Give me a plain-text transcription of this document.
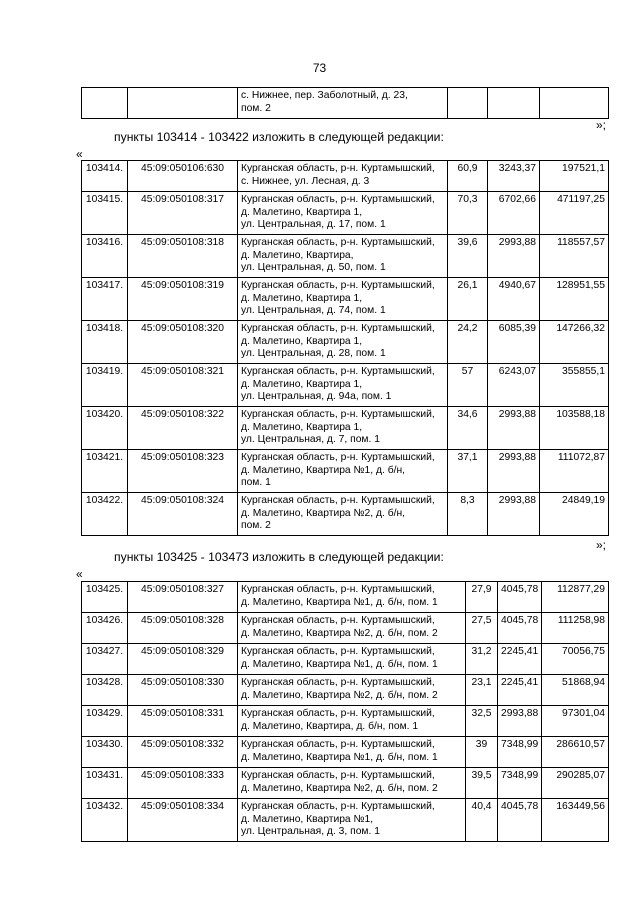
73

с. Нижнее, пер. Заболотный, д. 23,
пом. 2

»;
пункты 103414 - 103422 изложить в следующей редакции:
«
103414.	45:09:050106:630	Курганская область, р-н. Куртамышский,
с. Нижнее, ул. Лесная, д. 3	60,9	3243,37	197521,1
103415.	45:09:050108:317	Курганская область, р-н. Куртамышский,
д. Малетино, Квартира 1,
ул. Центральная, д. 17, пом. 1	70,3	6702,66	471197,25
103416.	45:09:050108:318	Курганская область, р-н. Куртамышский,
д. Малетино, Квартира,
ул. Центральная, д. 50, пом. 1	39,6	2993,88	118557,57
103417.	45:09:050108:319	Курганская область, р-н. Куртамышский,
д. Малетино, Квартира 1,
ул. Центральная, д. 74, пом. 1	26,1	4940,67	128951,55
103418.	45:09:050108:320	Курганская область, р-н. Куртамышский,
д. Малетино, Квартира 1,
ул. Центральная, д. 28, пом. 1	24,2	6085,39	147266,32
103419.	45:09:050108:321	Курганская область, р-н. Куртамышский,
д. Малетино, Квартира 1,
ул. Центральная, д. 94а, пом. 1	57	6243,07	355855,1
103420.	45:09:050108:322	Курганская область, р-н. Куртамышский,
д. Малетино, Квартира 1,
ул. Центральная, д. 7, пом. 1	34,6	2993,88	103588,18
103421.	45:09:050108:323	Курганская область, р-н. Куртамышский,
д. Малетино, Квартира №1, д. б/н,
пом. 1	37,1	2993,88	111072,87
103422.	45:09:050108:324	Курганская область, р-н. Куртамышский,
д. Малетино, Квартира №2, д. б/н,
пом. 2	8,3	2993,88	24849,19
»;
пункты 103425 - 103473 изложить в следующей редакции:
«
103425.	45:09:050108:327	Курганская область, р-н. Куртамышский,
д. Малетино, Квартира №1, д. б/н, пом. 1	27,9	4045,78	112877,29
103426.	45:09:050108:328	Курганская область, р-н. Куртамышский,
д. Малетино, Квартира №2, д. б/н, пом. 2	27,5	4045,78	111258,98
103427.	45:09:050108:329	Курганская область, р-н. Куртамышский,
д. Малетино, Квартира №1, д. б/н, пом. 1	31,2	2245,41	70056,75
103428.	45:09:050108:330	Курганская область, р-н. Куртамышский,
д. Малетино, Квартира №2, д. б/н, пом. 2	23,1	2245,41	51868,94
103429.	45:09:050108:331	Курганская область, р-н. Куртамышский,
д. Малетино, Квартира, д. б/н, пом. 1	32,5	2993,88	97301,04
103430.	45:09:050108:332	Курганская область, р-н. Куртамышский,
д. Малетино, Квартира №1, д. б/н, пом. 1	39	7348,99	286610,57
103431.	45:09:050108:333	Курганская область, р-н. Куртамышский,
д. Малетино, Квартира №2, д. б/н, пом. 2	39,5	7348,99	290285,07
103432.	45:09:050108:334	Курганская область, р-н. Куртамышский,
д. Малетино, Квартира №1,
ул. Центральная, д. 3, пом. 1	40,4	4045,78	163449,56
